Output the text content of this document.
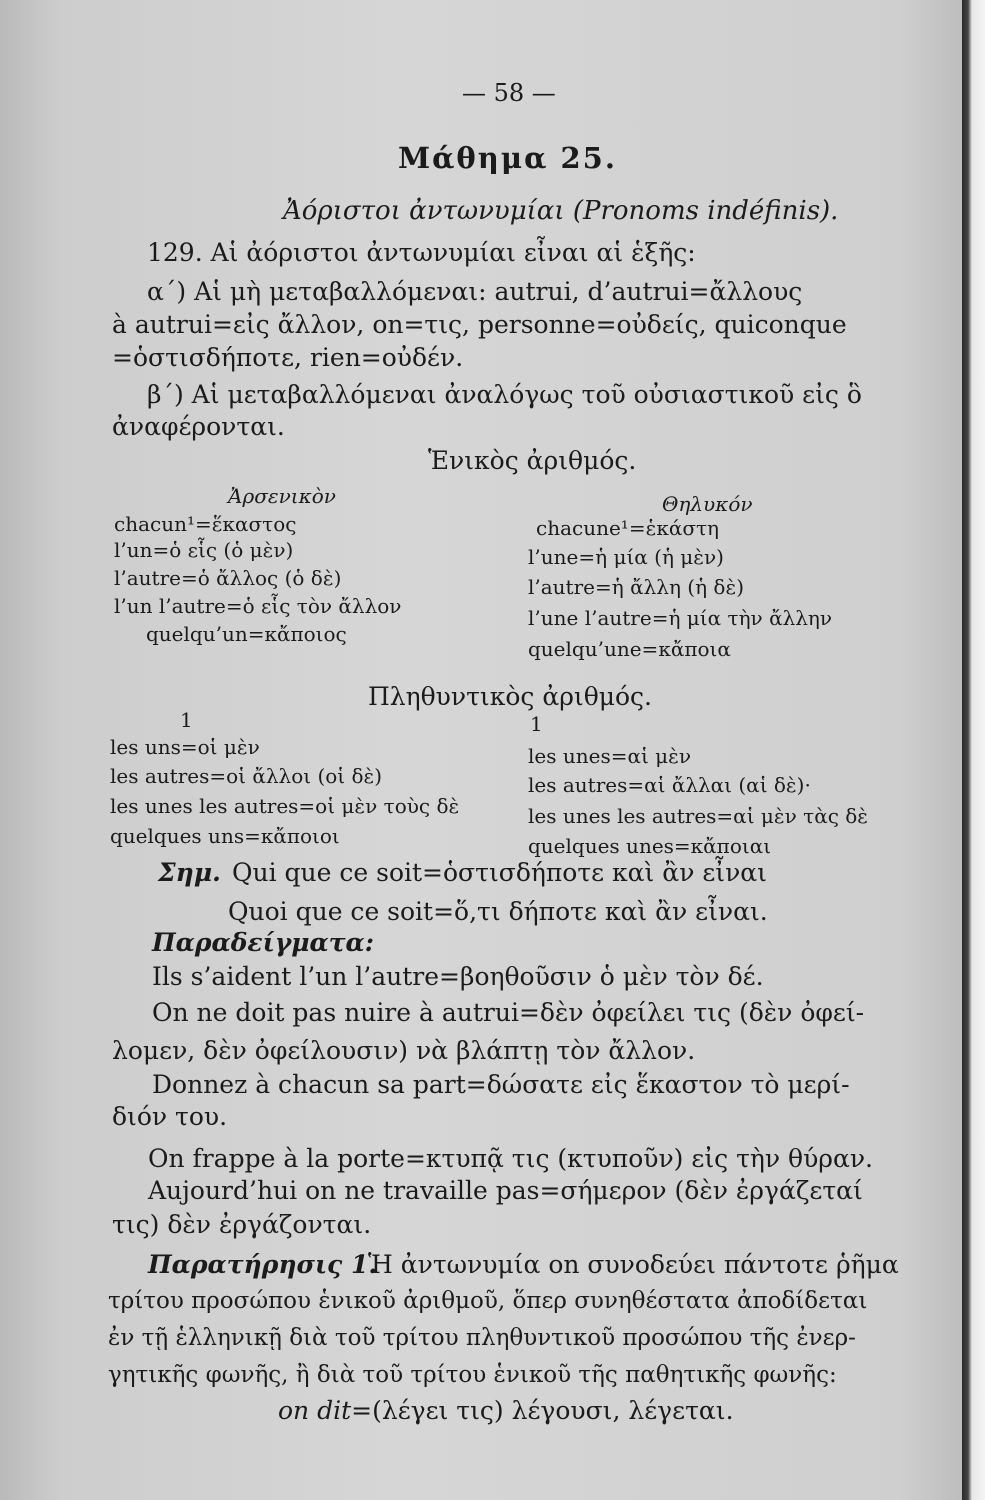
— 58 —
Μάθημα 25.
Ἀόριστοι ἀντωνυμίαι (Pronoms indéfinis).
129. Αἱ ἀόριστοι ἀντωνυμίαι εἶναι αἱ ἑξῆς:
α΄) Αἱ μὴ μεταβαλλόμεναι: autrui, d’autrui=ἄλλους
à autrui=εἰς ἄλλον, on=τις, personne=οὐδείς, quiconque
=ὁστισδήποτε, rien=οὐδέν.
β΄) Αἱ μεταβαλλόμεναι ἀναλόγως τοῦ οὐσιαστικοῦ εἰς ὃ
ἀναφέρονται.
Ἑνικὸς ἀριθμός.
Ἀρσενικὸν	Θηλυκόν
chacun¹=ἕκαστος
l’un=ὁ εἷς (ὁ μὲν)
l’autre=ὁ ἄλλος (ὁ δὲ)
l’un l’autre=ὁ εἷς τὸν ἄλλον
quelqu’un=κἄποιος
chacune¹=ἑκάστη
l’une=ἡ μία (ἡ μὲν)
l’autre=ἡ ἄλλη (ἡ δὲ)
l’une l’autre=ἡ μία τὴν ἄλλην
quelqu’une=κἄποια
Πληθυντικὸς ἀριθμός.
1	1
les uns=οἱ μὲν
les autres=οἱ ἄλλοι (οἱ δὲ)
les unes les autres=οἱ μὲν τοὺς δὲ
quelques uns=κἄποιοι
les unes=αἱ μὲν
les autres=αἱ ἄλλαι (αἱ δὲ)·
les unes les autres=αἱ μὲν τὰς δὲ
quelques unes=κἄποιαι
Σημ. Qui que ce soit=ὁστισδήποτε καὶ ἂν εἶναι
Quoi que ce soit=ὅ,τι δήποτε καὶ ἂν εἶναι.
Παραδείγματα:
Ils s’aident l’un l’autre=βοηθοῦσιν ὁ μὲν τὸν δέ.
On ne doit pas nuire à autrui=δὲν ὀφείλει τις (δὲν ὀφεί-
λομεν, δὲν ὀφείλουσιν) νὰ βλάπτῃ τὸν ἄλλον.
Donnez à chacun sa part=δώσατε εἰς ἕκαστον τὸ μερί-
διόν του.
On frappe à la porte=κτυπᾷ τις (κτυποῦν) εἰς τὴν θύραν.
Aujourd’hui on ne travaille pas=σήμερον (δὲν ἐργάζεταί
τις) δὲν ἐργάζονται.
Παρατήρησις 1.
Ἡ ἀντωνυμία on συνοδεύει πάντοτε ῥῆμα
τρίτου προσώπου ἑνικοῦ ἀριθμοῦ, ὅπερ συνηθέστατα ἀποδίδεται
ἐν τῇ ἑλληνικῇ διὰ τοῦ τρίτου πληθυντικοῦ προσώπου τῆς ἐνερ-
γητικῆς φωνῆς, ἢ διὰ τοῦ τρίτου ἑνικοῦ τῆς παθητικῆς φωνῆς:
on dit=(λέγει τις) λέγουσι, λέγεται.
